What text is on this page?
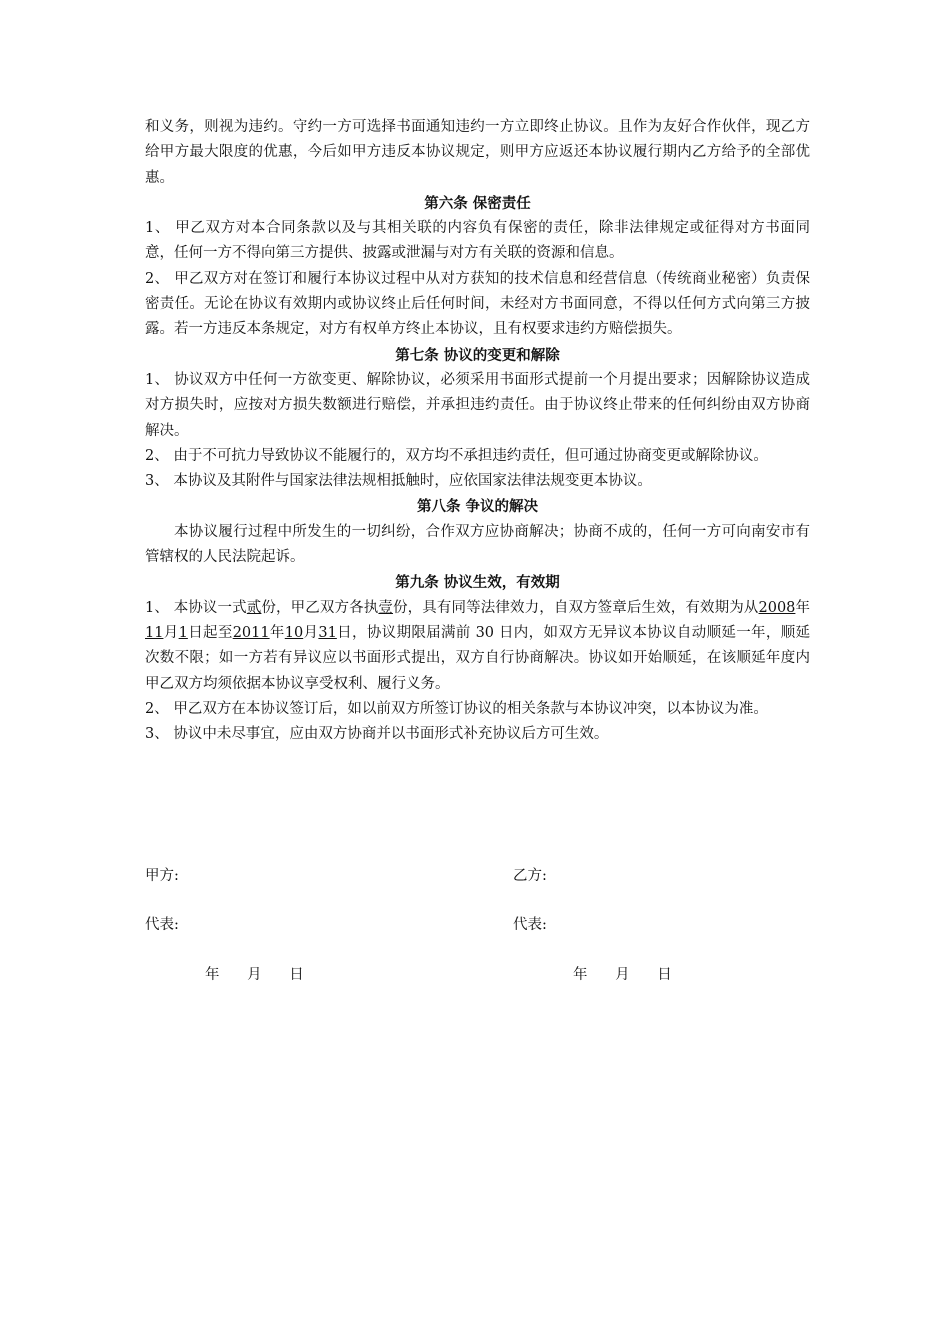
和义务，则视为违约。守约一方可选择书面通知违约一方立即终止协议。且作为友好合作伙伴，现乙方给甲方最大限度的优惠，今后如甲方违反本协议规定，则甲方应返还本协议履行期内乙方给予的全部优惠。

第六条 保密责任

1、 甲乙双方对本合同条款以及与其相关联的内容负有保密的责任，除非法律规定或征得对方书面同意，任何一方不得向第三方提供、披露或泄漏与对方有关联的资源和信息。

2、 甲乙双方对在签订和履行本协议过程中从对方获知的技术信息和经营信息（传统商业秘密）负责保密责任。无论在协议有效期内或协议终止后任何时间，未经对方书面同意，不得以任何方式向第三方披露。若一方违反本条规定，对方有权单方终止本协议，且有权要求违约方赔偿损失。

第七条 协议的变更和解除

1、 协议双方中任何一方欲变更、解除协议，必须采用书面形式提前一个月提出要求；因解除协议造成对方损失时，应按对方损失数额进行赔偿，并承担违约责任。由于协议终止带来的任何纠纷由双方协商解决。

2、 由于不可抗力导致协议不能履行的，双方均不承担违约责任，但可通过协商变更或解除协议。

3、 本协议及其附件与国家法律法规相抵触时，应依国家法律法规变更本协议。

第八条 争议的解决

本协议履行过程中所发生的一切纠纷，合作双方应协商解决；协商不成的，任何一方可向南安市有管辖权的人民法院起诉。

第九条 协议生效，有效期

1、 本协议一式贰份，甲乙双方各执壹份，具有同等法律效力，自双方签章后生效，有效期为从2008年11月1日起至2011年10月31日，协议期限届满前 30 日内，如双方无异议本协议自动顺延一年，顺延次数不限；如一方若有异议应以书面形式提出，双方自行协商解决。协议如开始顺延，在该顺延年度内甲乙双方均须依据本协议享受权利、履行义务。

2、 甲乙双方在本协议签订后，如以前双方所签订协议的相关条款与本协议冲突，以本协议为准。

3、 协议中未尽事宜，应由双方协商并以书面形式补充协议后方可生效。

甲方:	乙方:
代表:	代表:
年      月      日	年      月      日
